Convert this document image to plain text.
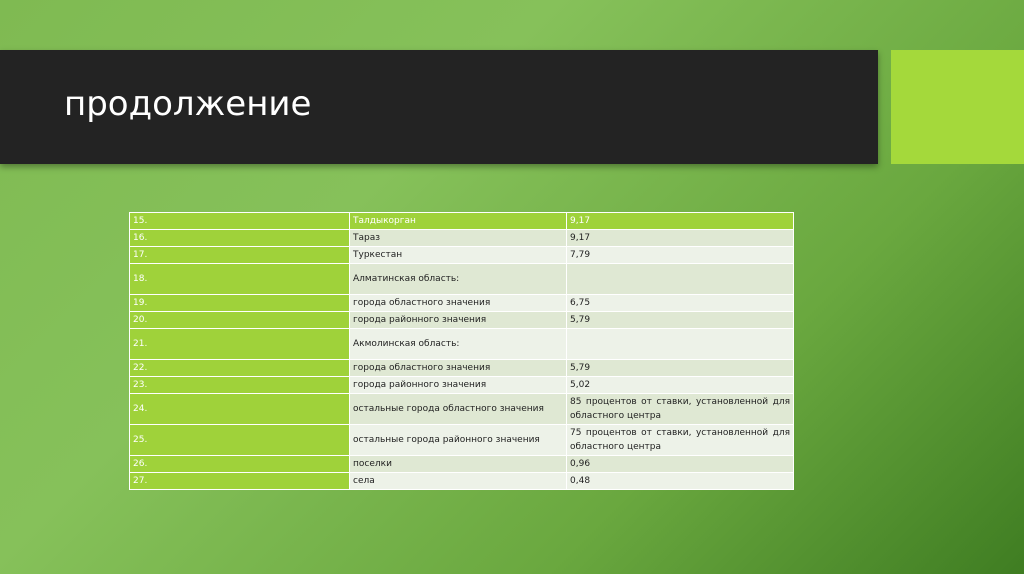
продолжение
15.	Талдыкорган	9,17
16.	Тараз	9,17
17.	Туркестан	7,79
18.	Алматинская область:	
19.	города областного значения	6,75
20.	города районного значения	5,79
21.	Акмолинская область:	
22.	города областного значения	5,79
23.	города районного значения	5,02
24.	остальные города областного значения	85 процентов от ставки, установленной для областного центра
25.	остальные города районного значения	75 процентов от ставки, установленной для областного центра
26.	поселки	0,96
27.	села	0,48
